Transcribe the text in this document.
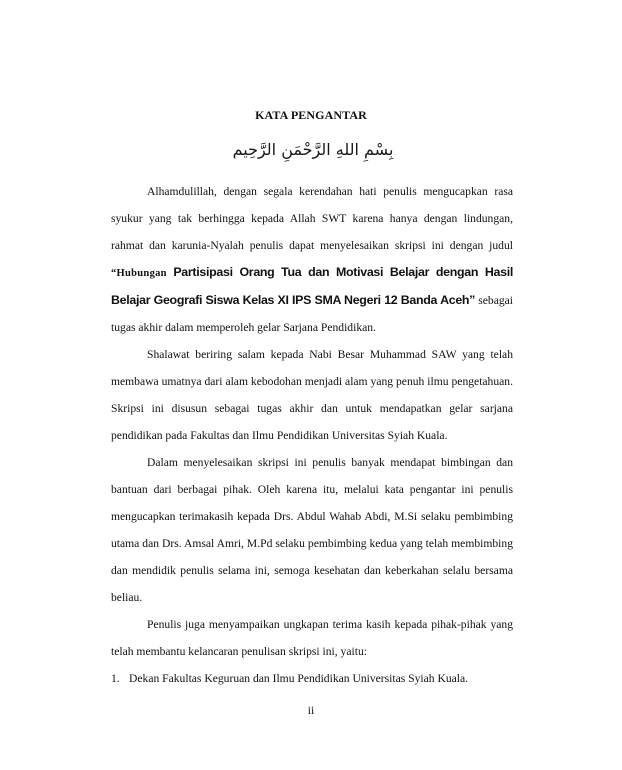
KATA PENGANTAR
بِسْمِ اللهِ الرَّحْمَنِ الرَّحِيم

Alhamdulillah, dengan segala kerendahan hati penulis mengucapkan rasa syukur yang tak berhingga kepada Allah SWT karena hanya dengan lindungan, rahmat dan karunia-Nyalah penulis dapat menyelesaikan skripsi ini dengan judul “Hubungan Partisipasi Orang Tua dan Motivasi Belajar dengan Hasil Belajar Geografi Siswa Kelas XI IPS SMA Negeri 12 Banda Aceh” sebagai tugas akhir dalam memperoleh gelar Sarjana Pendidikan.

Shalawat beriring salam kepada Nabi Besar Muhammad SAW yang telah membawa umatnya dari alam kebodohan menjadi alam yang penuh ilmu pengetahuan. Skripsi ini disusun sebagai tugas akhir dan untuk mendapatkan gelar sarjana pendidikan pada Fakultas dan Ilmu Pendidikan Universitas Syiah Kuala.

Dalam menyelesaikan skripsi ini penulis banyak mendapat bimbingan dan bantuan dari berbagai pihak. Oleh karena itu, melalui kata pengantar ini penulis mengucapkan terimakasih kepada Drs. Abdul Wahab Abdi, M.Si selaku pembimbing utama dan Drs. Amsal Amri, M.Pd selaku pembimbing kedua yang telah membimbing dan mendidik penulis selama ini, semoga kesehatan dan keberkahan selalu bersama beliau.

Penulis juga menyampaikan ungkapan terima kasih kepada pihak-pihak yang telah membantu kelancaran penulisan skripsi ini, yaitu:

1. Dekan Fakultas Keguruan dan Ilmu Pendidikan Universitas Syiah Kuala.
ii
